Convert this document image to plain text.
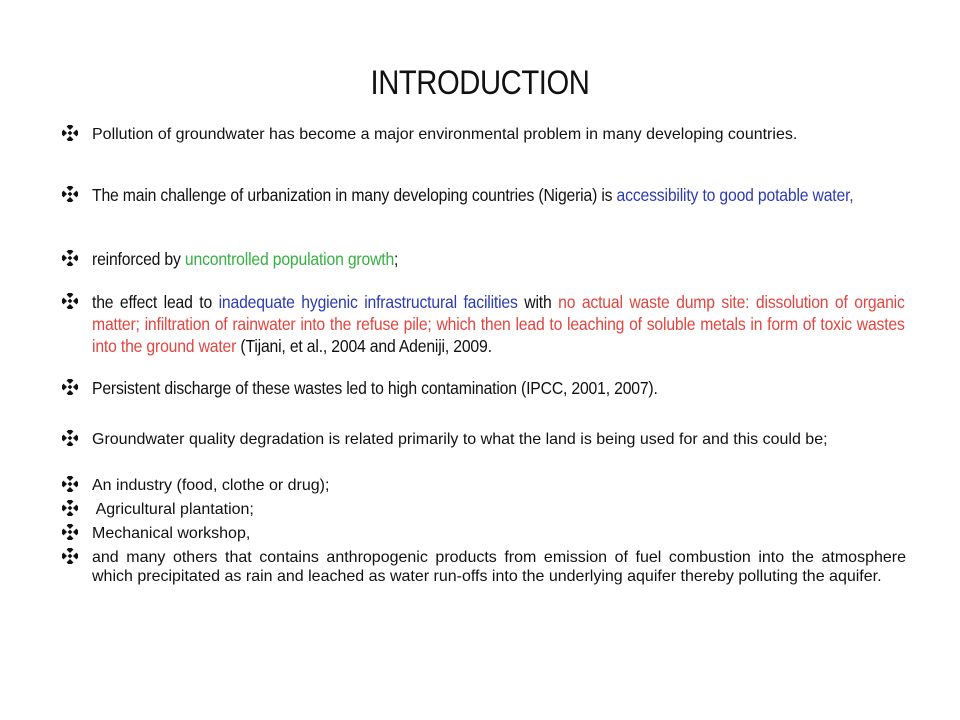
INTRODUCTION
Pollution of groundwater has become a major environmental problem in many developing countries.
The main challenge of urbanization in many developing countries (Nigeria) is accessibility to good potable water,
reinforced by uncontrolled population growth;
the effect lead to inadequate hygienic infrastructural facilities with no actual waste dump site: dissolution of organic matter; infiltration of rainwater into the refuse pile; which then lead to leaching of soluble metals in form of toxic wastes into the ground water (Tijani, et al., 2004 and Adeniji, 2009.
Persistent discharge of these wastes led to high contamination (IPCC, 2001, 2007).
Groundwater quality degradation is related primarily to what the land is being used for and this could be;
An industry (food, clothe or drug);
Agricultural plantation;
Mechanical workshop,
and many others that contains anthropogenic products from emission of fuel combustion into the atmosphere which precipitated as rain and leached as water run-offs into the underlying aquifer thereby polluting the aquifer.
